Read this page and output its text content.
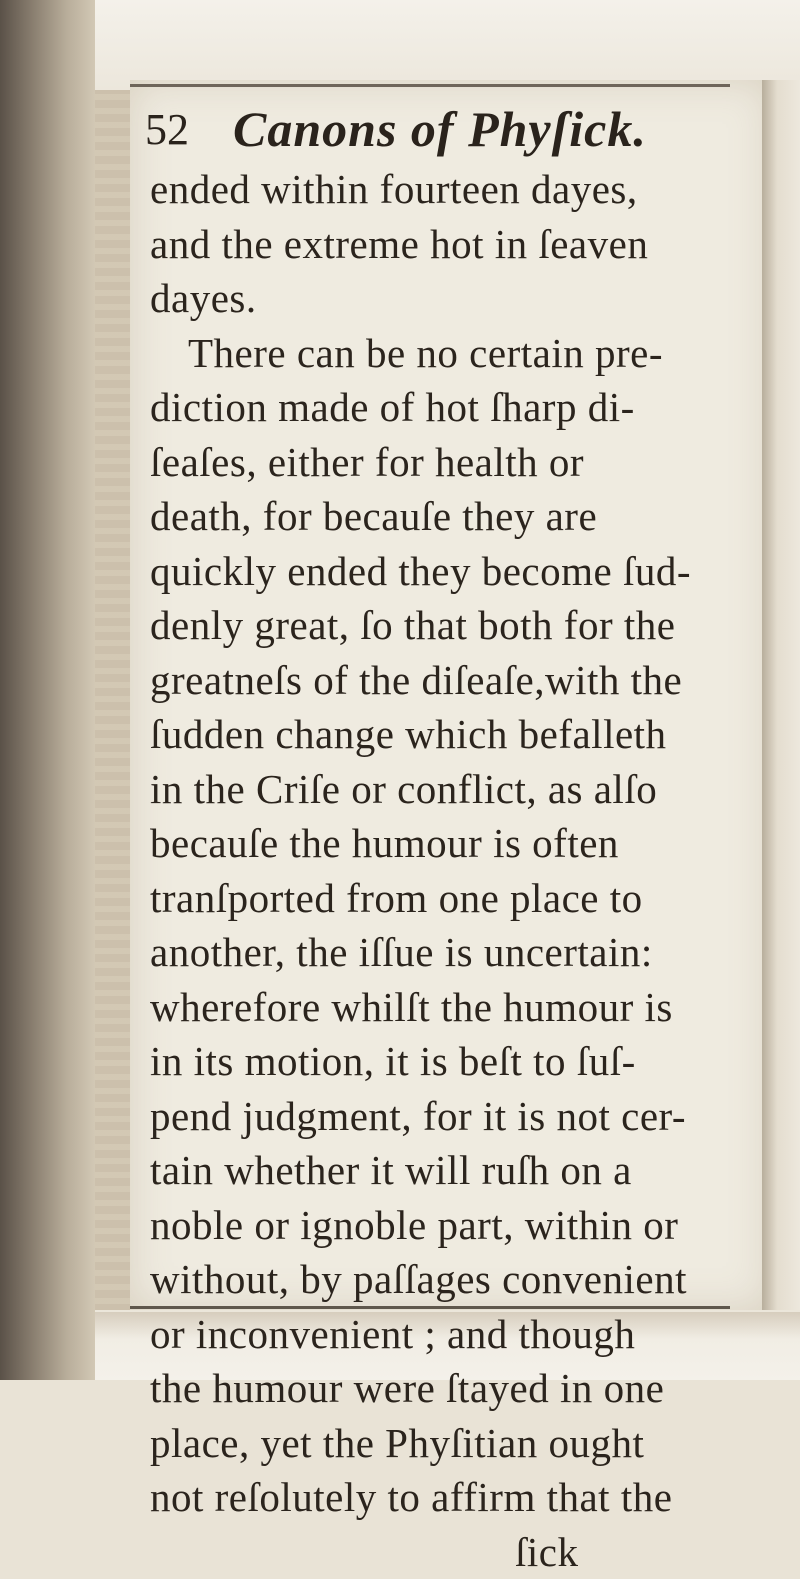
52 Canons of Phyſick.
ended within fourteen dayes,
and the extreme hot in ſeaven
dayes.
There can be no certain pre-
diction made of hot ſharp di-
ſeaſes, either for health or
death, for becauſe they are
quickly ended they become ſud-
denly great, ſo that both for the
greatneſs of the diſeaſe,with the
ſudden change which befalleth
in the Criſe or conflict, as alſo
becauſe the humour is often
tranſported from one place to
another, the iſſue is uncertain:
wherefore whilſt the humour is
in its motion, it is beſt to ſuſ-
pend judgment, for it is not cer-
tain whether it will ruſh on a
noble or ignoble part, within or
without, by paſſages convenient
or inconvenient ; and though
the humour were ſtayed in one
place, yet the Phyſitian ought
not reſolutely to affirm that the
ſick
